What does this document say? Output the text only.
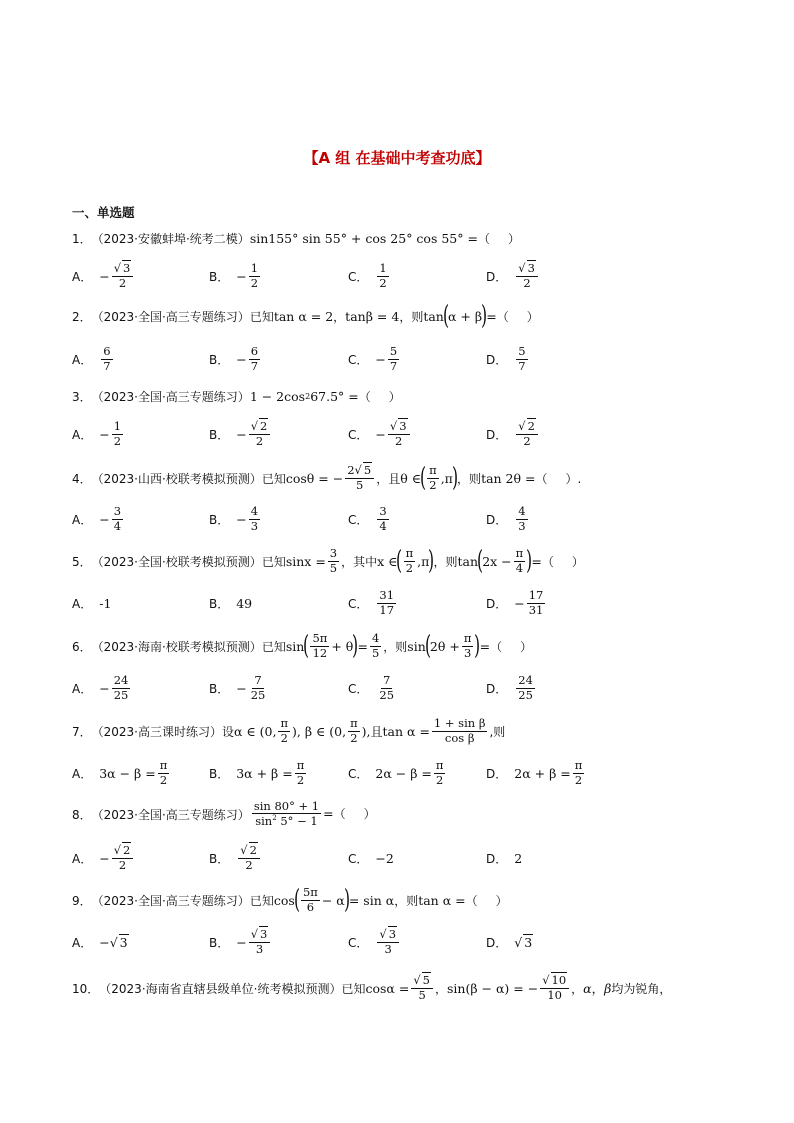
【A 组 在基础中考查功底】
一、单选题
1． （2023·安徽蚌埠·统考二模） sin155° sin 55° + cos 25° cos 55° = （ ）
A． − $\frac{√ 3}{2}$	B． − $\frac{1}{2}$	C． $\frac{1}{2}$	D． $\frac{√ 3}{2}$
2． （2023·全国·高三专题练习） 已知 tan α = 2 ， tanβ = 4 ，则 tan ( α + β ) = （ ）
A． $\frac{6}{7}$	B． − $\frac{6}{7}$	C． − $\frac{5}{7}$	D． $\frac{5}{7}$
3． （2023·全国·高三专题练习） 1 − 2cos 2 67.5° = （ ）
A． − $\frac{1}{2}$	B． − $\frac{√ 2}{2}$	C． − $\frac{√ 3}{2}$	D． $\frac{√ 2}{2}$
4． （2023·山西·校联考模拟预测） 已知 cosθ = − $\frac{2√ 5}{5}$ ，且 θ ∈ ( $\frac{\pi}{2} ,\pi$ ) ，则 tan 2θ = （ ）.
A． − $\frac{3}{4}$	B． − $\frac{4}{3}$	C． $\frac{3}{4}$	D． $\frac{4}{3}$
5． （2023·全国·校联考模拟预测） 已知 $\sin x = \frac{3}{5}$ ，其中 x ∈ ( $\frac{\pi}{2} ,\pi$ ) ，则 tan ( $2x - \frac{\pi}{4}$ ) = （ ）
A． -1	B． 49	C． $\frac{31}{17}$	D． − $\frac{17}{31}$
6． （2023·海南·校联考模拟预测） 已知 sin ( $\frac{5\pi}{12} + \theta$ ) = $\frac{4}{5}$ ，则 sin ( $2\theta + \frac{\pi}{3}$ ) = （ ）
A． − $\frac{24}{25}$	B． − $\frac{7}{25}$	C． $\frac{7}{25}$	D． $\frac{24}{25}$
7． （2023·高三课时练习） 设 α ∈ (0, $\frac{\pi}{2}$ ), β ∈ (0, $\frac{\pi}{2}$ ), 且 $\tan \alpha = \frac{\text{1 + sin β}}{\text{cos β}}$ ,则
A． $3\alpha - \beta = \frac{\pi}{2}$	B． $3\alpha + \beta = \frac{\pi}{2}$	C． $2\alpha - \beta = \frac{\pi}{2}$	D． $2\alpha + \beta = \frac{\pi}{2}$
8． （2023·全国·高三专题练习） $\frac{\sin 80^\circ + 1}{\sin^2 5^\circ - 1}$ = （ ）
A． − $\frac{√ 2}{2}$	B． $\frac{√ 2}{2}$	C． −2	D． 2
9． （2023·全国·高三专题练习） 已知 cos ( $\frac{5\pi}{6} - \alpha$ ) = sin α ，则 tan α = （ ）
A． −√ 3	B． − $\frac{√ 3}{3}$	C． $\frac{√ 3}{3}$	D． √ 3
10． （2023·海南省直辖县级单位·统考模拟预测） 已知 $\cos\alpha = \frac{√ 5}{5}$ ， sin(β − α) = − $\frac{√ 10}{10}$ ， α ， β 均为锐角，
